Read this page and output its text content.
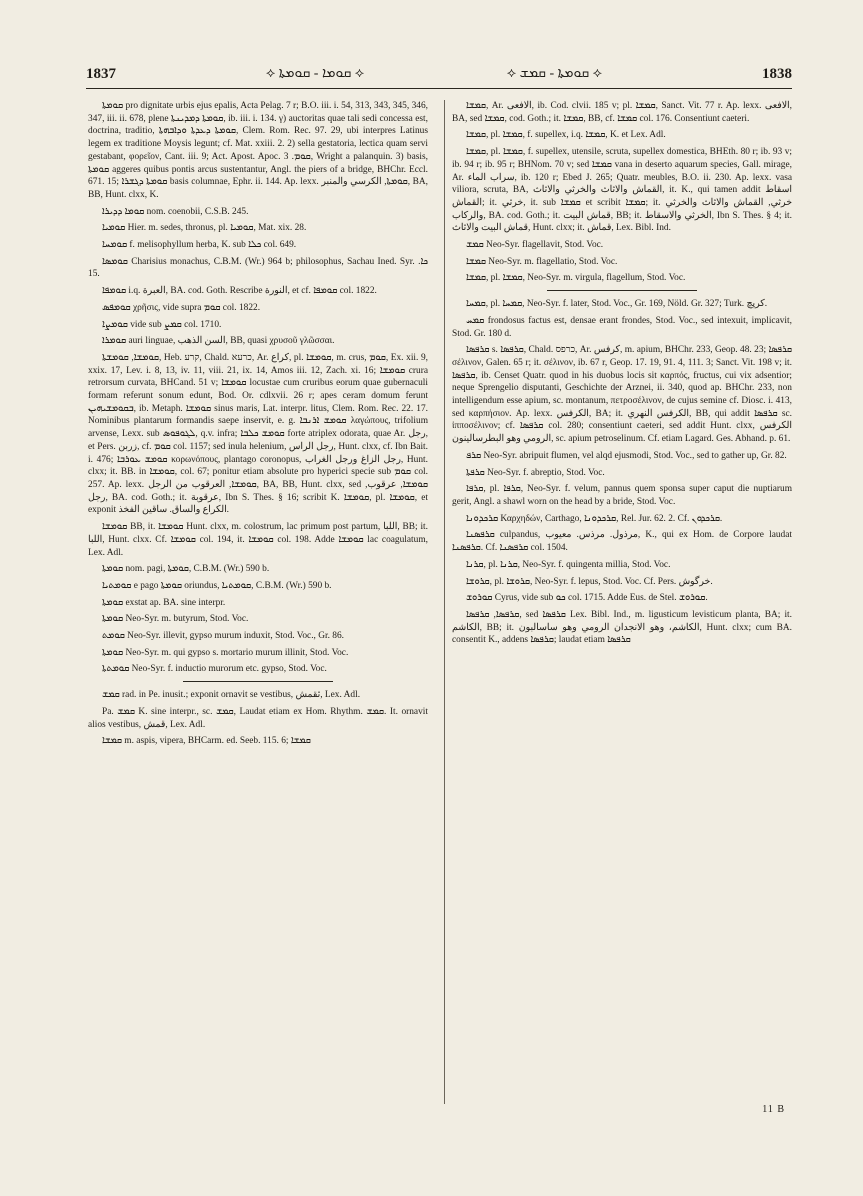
1837	⟡ ܩܘܡܐ - ܩܘܡܬܐ ⟡	⟡ ܩܘܡܬܐ - ܩܡܫ ⟡	1838

ܩܘܡܬܐ pro dignitate urbis ejus epalis, Acta Pelag. 7 r; B.O. iii. i. 54, 313, 343, 345, 346, 347, iii. ii. 678, plene ܩܘܡܬܐ ܕܡܕܝܢܬܐ, ib. iii. i. 134. γ) auctoritas quae tali sedi concessa est, doctrina, traditio, ܩܘܡܬܐ ܕܥܕܬܐ ܘܕܐܒܗܬܐ, Clem. Rom. Rec. 97. 29, ubi interpres Latinus legem ex traditione Moysis legunt; cf. Mat. xxiii. 2. 2) sella gestatoria, lectica quam servi gestabant, φορεῖον, Cant. iii. 9; Act. Apost. Apoc. ܩܘܡ. 3, Wright a palanquin. 3) basis, ܩܘܡܬܐ aggeres quibus pontis arcus sustentantur, Angl. the piers of a bridge, BHChr. Eccl. 671. 15; ܩܘܡܬܐ ܕܓܫܪܐ basis columnae, Ephr. ii. 144. Ap. lexx. ܩܘܡܬܐ, الكرسي والمنبر, BA, BB, Hunt. clxx, K.

ܩܘܡܐ ܕܕܝܪܐ nom. coenobii, C.S.B. 245.

ܩܘܡܝܐ Hier. m. sedes, thronus, pl. ܩܘܡܝܐ, Mat. xix. 28.

ܩܘܡܚܐ f. melisophyllum herba, K. sub ܟܠܐ col. 649.

ܩܘܡܣܐ Charisius monachus, C.B.M. (Wr.) 964 b; philosophus, Sachau Ined. Syr. ܟܐ. 15.

ܩܘܡܦܐ i.q. العبرة, BA. cod. Goth. Rescribe النورة, et cf. ܩܘܡܦܐ col. 1822.

ܩܘܡܦܣ χρῆσις, vide supra ܩܘܡ col. 1822.

ܩܘܡܨܐ vide sub ܩܡܨ col. 1710.

ܩܘܡܪܐ auri linguae, السن الذهب, BB, quasi χρυσοῦ γλῶσσαι.

ܩܘܡܫܐ, ܩܘܡܫܬܐ, Heb. קרע, Chald. כרעא, Ar. كراع, pl. ܩܘܡܫܐ, m. crus, ܩܘܡ, Ex. xii. 9, xxix. 17, Lev. i. 8, 13, iv. 11, viii. 21, ix. 14, Amos iii. 12, Zach. xi. 16; ܩܘܡܫܐ crura retrorsum curvata, BHCand. 51 v; ܩܘܡܫܐ locustae cum cruribus eorum quae gubernaculi formam referunt sonum edunt, Bod. Or. cdlxvii. 26 r; apes ceram domum ferunt ܒܩܘܡܫܝܗܝܢ, ib. Metaph. ܩܘܡܫܐ sinus maris, Lat. interpr. litus, Clem. Rom. Rec. 22. 17. Nominibus plantarum formandis saepe inservit, e. g. ܩܘܡܫ ܐܪܢܒܐ λαγώπους, trifolium arvense, Lexx. sub ܠܓܘܦܘܣ, q.v. infra; ܩܘܡܫ ܟܠܒܐ forte atriplex odorata, quae Ar. رجل, et Pers. زربن, cf. ܩܘܡ col. 1157; sed inula helenium, رجل الراس, Hunt. clxx, cf. Ibn Bait. i. 476; ܩܘܡܫ ܥܘܪܒܐ κορωνόπους, plantago coronopus, رجل الزاغ ورجل الغراب, Hunt. clxx; it. BB. in ܩܘܡܫܐ, col. 67; ponitur etiam absolute pro hyperici specie sub ܩܘܡ col. 257. Ap. lexx. ܩܘܡܫܐ, العرقوب من الرجل, BA, BB, Hunt. clxx, sed ܩܘܡܫܐ, عرقوب, رجل, BA. cod. Goth.; it. عرقوبة, Ibn S. Thes. § 16; scribit K. ܩܘܡܫܐ, pl. ܩܘܡܫܐ, et exponit الكراع والساق. ساقين الفخذ.

ܩܘܡܫܐ BB, it. ܩܘܡܫܐ Hunt. clxx, m. colostrum, lac primum post partum, اللبا, BB; it. اللبا, Hunt. clxx. Cf. ܩܘܡܫܐ col. 194, it. ܩܘܡܫܐ col. 198. Adde ܩܘܡܫܐ lac coagulatum, Lex. Adl.

ܩܘܡܬܐ nom. pagi, ܩܘܡܬܐ, C.B.M. (Wr.) 590 b.

ܩܘܡܬܝܐ e pago ܩܘܡܬܐ oriundus, ܩܘܡܬܝܐ, C.B.M. (Wr.) 590 b.

ܩܘܡܬܐ exstat ap. BA. sine interpr.

ܩܘܡܬܐ Neo-Syr. m. butyrum, Stod. Voc.

ܩܘܡܬ Neo-Syr. illevit, gypso murum induxit, Stod. Voc., Gr. 86.

ܩܘܡܬܐ Neo-Syr. m. qui gypso s. mortario murum illinit, Stod. Voc.

ܩܘܡܬܬܐ Neo-Syr. f. inductio murorum etc. gypso, Stod. Voc.

ܩܡܫ rad. in Pe. inusit.; exponit ornavit se vestibus, ثقمش, Lex. Adl.

Pa. ܩܡܫ K. sine interpr., sc. ܩܡܫ, Laudat etiam ex Hom. Rhythm. ܩܡܫ. It. ornavit alios vestibus, قمش, Lex. Adl.

ܩܡܫܐ m. aspis, vipera, BHCarm. ed. Seeb. 115. 6; ܩܡܫܐ

ܩܡܫܐ, Ar. الافعى, ib. Cod. clvii. 185 v; pl. ܩܡܫܐ, Sanct. Vit. 77 r. Ap. lexx. الافعى, BA, sed ܩܡܫܐ, cod. Goth.; it. ܩܡܫܐ, BB, cf. ܩܡܫܐ col. 176. Consentiunt caeteri.

ܩܡܫܐ, pl. ܩܡܫܐ, f. supellex, i.q. ܩܡܫܐ, K. et Lex. Adl.

ܩܡܫܐ, pl. ܩܡܫܐ, f. supellex, utensile, scruta, supellex domestica, BHEth. 80 r; ib. 93 v; ib. 94 r; ib. 95 r; BHNom. 70 v; sed ܩܡܫܐ vana in deserto aquarum species, Gall. mirage, Ar. سراب الماء, ib. 120 r; Ebed J. 265; Quatr. meubles, B.O. ii. 230. Ap. lexx. vasa viliora, scruta, BA, القماش والاثاث والخرثي والاثاث, it. K., qui tamen addit اسقاط القماش; it. خرثي, it. sub ܩܡܫܐ et scribit ܩܡܫܐ; it. خرثي, القماش والاثاث والخرثي والركاب, BA. cod. Goth.; it. قماش البيت, BB; it. الخرثي والاسقاط, Ibn S. Thes. § 4; it. قماش البيت والاثاث, Hunt. clxx; it. قماش, Lex. Bibl. Ind.

ܩܡܫ Neo-Syr. flagellavit, Stod. Voc.

ܩܡܫܐ Neo-Syr. m. flagellatio, Stod. Voc.

ܩܡܫܐ, pl. ܩܡܫܐ, Neo-Syr. m. virgula, flagellum, Stod. Voc.

ܩܡܚܐ, pl. ܩܡܚܐ, Neo-Syr. f. later, Stod. Voc., Gr. 169, Nöld. Gr. 327; Turk. كرپچ.

ܩܡܚ frondosus factus est, densae erant frondes, Stod. Voc., sed intexuit, implicavit, Stod. Gr. 180 d.

ܩܪܦܣܐ s. ܩܪܦܣܐ, Chald. כרפס, Ar. كرفس, m. apium, BHChr. 233, Geop. 48. 23; ܩܪܦܣܐ σέλινον, Galen. 65 r; it. σέλινον, ib. 67 r, Geop. 17. 19, 91. 4, 111. 3; Sanct. Vit. 198 v; it. ܩܪܦܣܐ, ib. Censet Quatr. quod in his duobus locis sit καρπός, fructus, cui vix adsentior; neque Sprengelio disputanti, Geschichte der Arznei, ii. 340, quod ap. BHChr. 233, non intelligendum esse apium, sc. montanum, πετροσέλινον, de cujus semine cf. Diosc. i. 413, sed καρπήσιον. Ap. lexx. الكرفس, BA; it. الكرفس النهري, BB, qui addit ܩܪܦܣܐ sc. ἱπποσέλινον; cf. ܩܪܦܣܐ col. 280; consentiunt caeteri, sed addit Hunt. clxx, الكرفس الرومي وهو البطرسالينون, sc. apium petroselinum. Cf. etiam Lagard. Ges. Abhand. p. 61.

ܩܪܦ Neo-Syr. abripuit flumen, vel alqd ejusmodi, Stod. Voc., sed to gather up, Gr. 82.

ܩܪܦܬܐ Neo-Syr. f. abreptio, Stod. Voc.

ܩܪܦܐ, pl. ܩܪܦܐ, Neo-Syr. f. velum, pannus quem sponsa super caput die nuptiarum gerit, Angl. a shawl worn on the head by a bride, Stod. Voc.

ܩܪܟܕܘܢܐ Καρχηδών, Carthago, ܩܪܟܕܘܢܐ, Rel. Jur. 62. 2. Cf. ܩܪܟܕܘܢ.

ܩܪܦܣܢܐ culpandus, مرذول. مرذس. معيوب, K., qui ex Hom. de Corpore laudat ܩܪܦܣܢܐ. Cf. ܩܪܦܣܢܐ col. 1504.

ܩܪܢܐ, pl. ܩܪܢܐ, Neo-Syr. f. quingenta millia, Stod. Voc.

ܩܪܘܫܐ, pl. ܩܪܘܫܐ, Neo-Syr. f. lepus, Stod. Voc. Cf. Pers. خرگوش.

ܩܘܪܘܫ Cyrus, vide sub ܟܘ col. 1715. Adde Eus. de Stel. ܩܘܪܘܫ.

ܩܪܦܣܐ, ܩܪܦܣܐ, sed ܩܪܦܣܐ Lex. Bibl. Ind., m. ligusticum levisticum planta, BA; it. الكاشم, BB; it. الكاشم، وهو الانجدان الرومي وهو ساسالبون, Hunt. clxx; cum BA. consentit K., addens ܩܪܦܣܐ; laudat etiam ܩܪܦܣܐ

11 B
